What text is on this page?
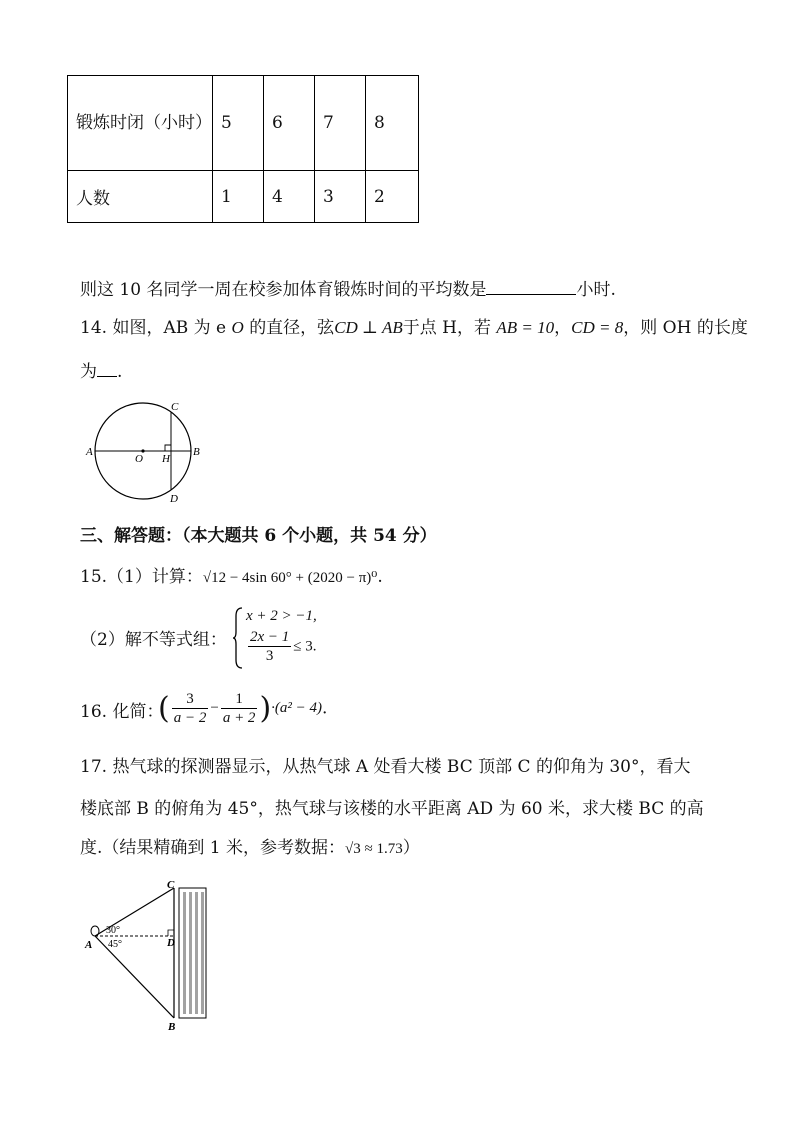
锻炼时闭（小时）	5	6	7	8
人数	1	4	3	2
则这 10 名同学一周在校参加体育锻炼时间的平均数是	小时.
14. 如图，AB 为 e O 的直径，弦CD ⊥ AB于点 H，若 AB = 10，CD = 8，则 OH 的长度
为 .
A
O H
B
C
D
三、解答题：（本大题共 6 个小题，共 54 分）
15.（1）计算：√12 − 4sin 60° + (2020 − π)⁰.
（2）解不等式组：
x + 2 > −1,
$\frac{2x - 1}{3} \le 3$.
16. 化简：
( $\frac{3}{a - 2} - \frac{1}{a + 2} )\cdot(a^2 - 4)$.
17. 热气球的探测器显示，从热气球 A 处看大楼 BC 顶部 C 的仰角为 30°，看大
楼底部 B 的俯角为 45°，热气球与该楼的水平距离 AD 为 60 米，求大楼 BC 的高
度.（结果精确到 1 米，参考数据：√3 ≈ 1.73）
A
C
D
B
30°
45°
